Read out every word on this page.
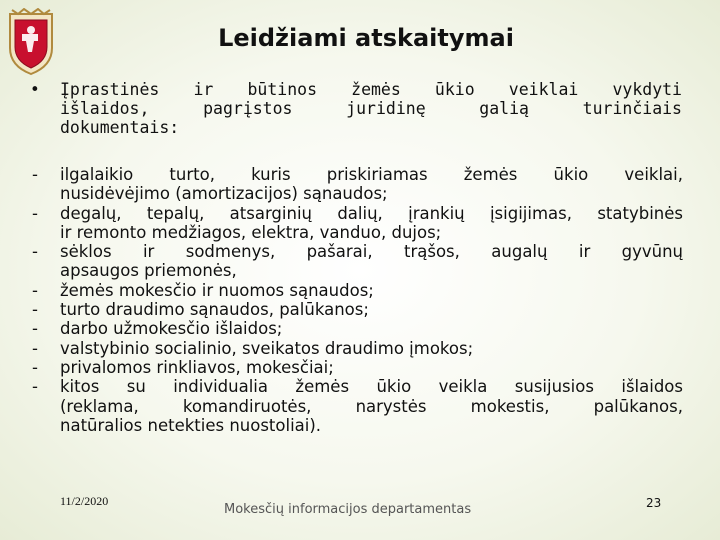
Leidžiami atskaitymai
• Įprastinės ir būtinos žemės ūkio veiklai vykdyti
išlaidos, pagrįstos juridinę galią turinčiais
dokumentais:
- ilgalaikio turto, kuris priskiriamas žemės ūkio veiklai,
nusidėvėjimo (amortizacijos) sąnaudos;
- degalų, tepalų, atsarginių dalių, įrankių įsigijimas, statybinės
ir remonto medžiagos, elektra, vanduo, dujos;
- sėklos ir sodmenys, pašarai, trąšos, augalų ir gyvūnų
apsaugos priemonės,
- žemės mokesčio ir nuomos sąnaudos;
- turto draudimo sąnaudos, palūkanos;
- darbo užmokesčio išlaidos;
- valstybinio socialinio, sveikatos draudimo įmokos;
- privalomos rinkliavos, mokesčiai;
- kitos su individualia žemės ūkio veikla susijusios išlaidos
(reklama, komandiruotės, narystės mokestis, palūkanos,
natūralios netekties nuostoliai).
11/2/2020
Mokesčių informacijos departamentas	23
